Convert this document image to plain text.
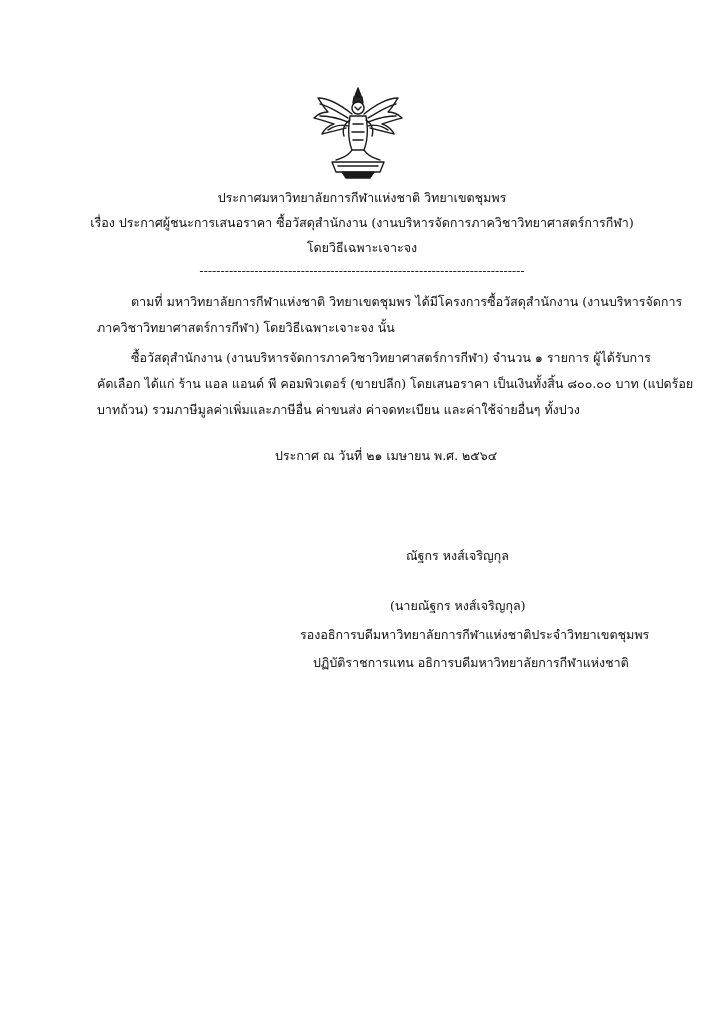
ประกาศมหาวิทยาลัยการกีฬาแห่งชาติ วิทยาเขตชุมพร
เรื่อง ประกาศผู้ชนะการเสนอราคา ซื้อวัสดุสำนักงาน (งานบริหารจัดการภาควิชาวิทยาศาสตร์การกีฬา)
โดยวิธีเฉพาะเจาะจง
-----------------------------------------------------------------------------
ตามที่ มหาวิทยาลัยการกีฬาแห่งชาติ วิทยาเขตชุมพร ได้มีโครงการซื้อวัสดุสำนักงาน (งานบริหารจัดการ
ภาควิชาวิทยาศาสตร์การกีฬา) โดยวิธีเฉพาะเจาะจง นั้น
ซื้อวัสดุสำนักงาน (งานบริหารจัดการภาควิชาวิทยาศาสตร์การกีฬา) จำนวน ๑ รายการ ผู้ได้รับการ
คัดเลือก ได้แก่ ร้าน แอล แอนด์ พี คอมพิวเตอร์ (ขายปลีก) โดยเสนอราคา เป็นเงินทั้งสิ้น ๘๐๐.๐๐ บาท (แปดร้อย
บาทถ้วน) รวมภาษีมูลค่าเพิ่มและภาษีอื่น ค่าขนส่ง ค่าจดทะเบียน และค่าใช้จ่ายอื่นๆ ทั้งปวง
ประกาศ ณ วันที่ ๒๑ เมษายน พ.ศ. ๒๕๖๔
ณัฐกร หงส์เจริญกุล
(นายณัฐกร หงส์เจริญกุล)
รองอธิการบดีมหาวิทยาลัยการกีฬาแห่งชาติประจำวิทยาเขตชุมพร
ปฏิบัติราชการแทน อธิการบดีมหาวิทยาลัยการกีฬาแห่งชาติ
